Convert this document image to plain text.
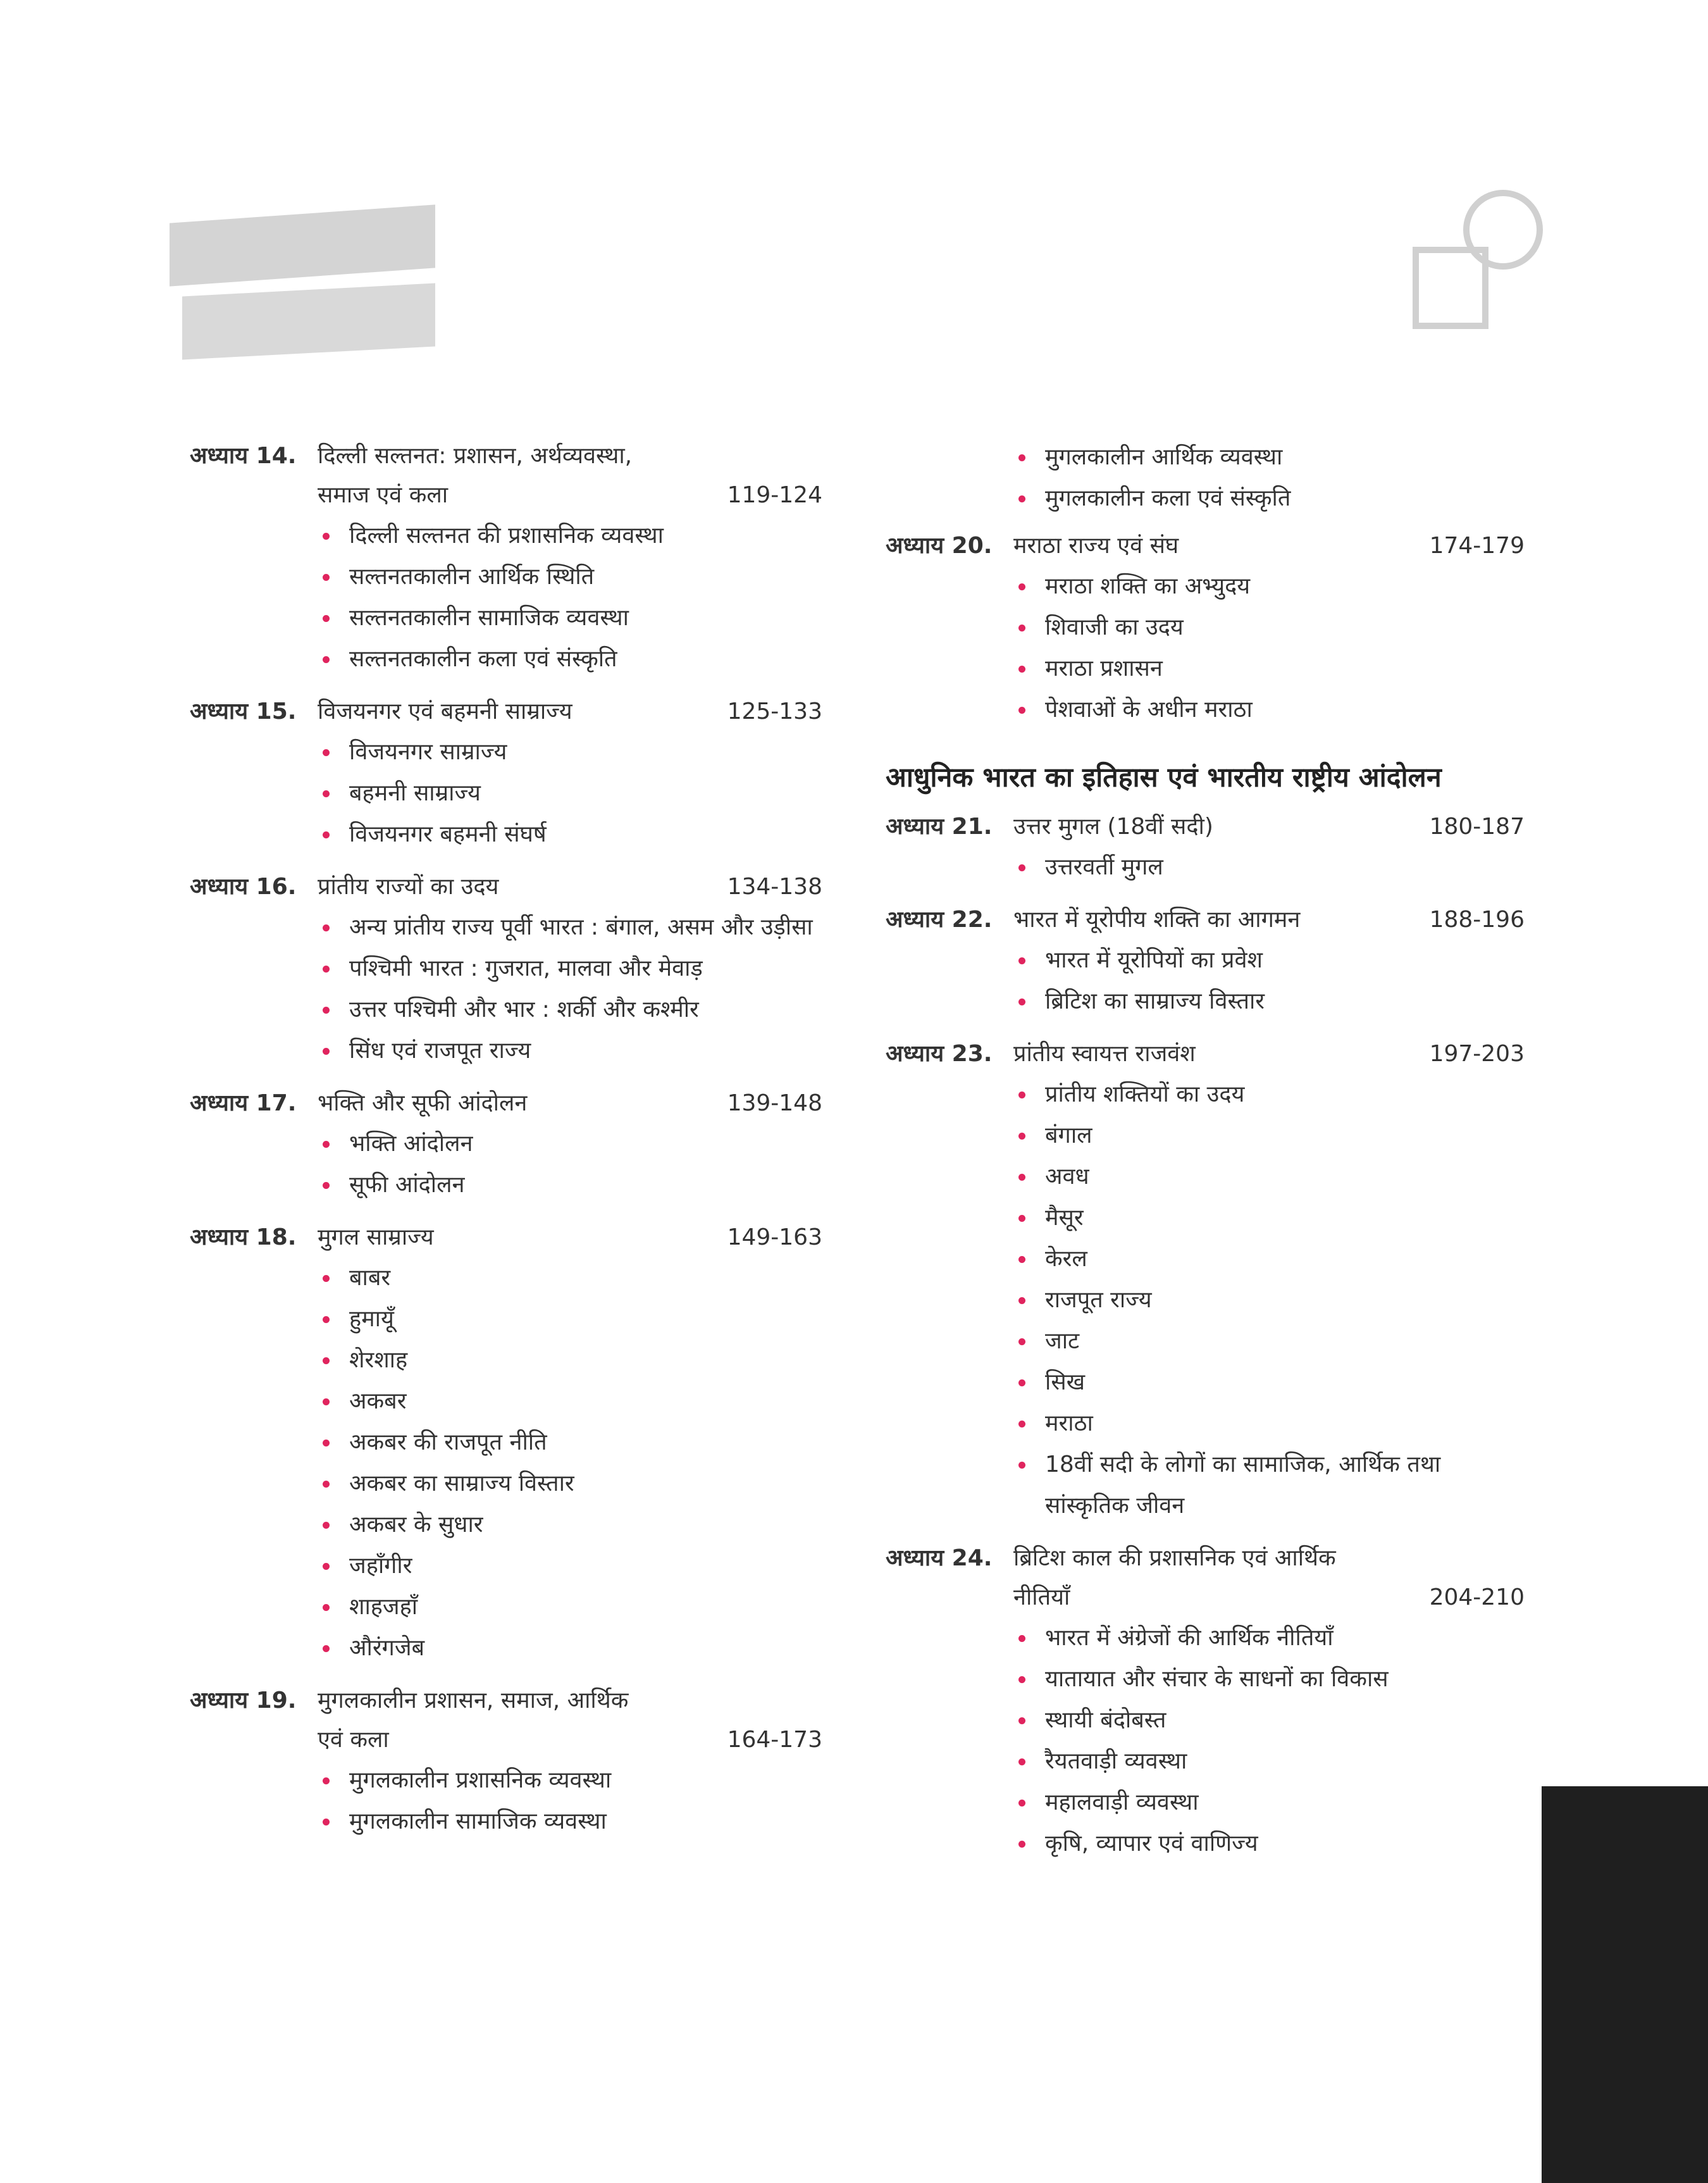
अध्याय 14. दिल्ली सल्तनत: प्रशासन, अर्थव्यवस्था,
समाज एवं कला	119-124
दिल्ली सल्तनत की प्रशासनिक व्यवस्था
सल्तनतकालीन आर्थिक स्थिति
सल्तनतकालीन सामाजिक व्यवस्था
सल्तनतकालीन कला एवं संस्कृति
अध्याय 15. विजयनगर एवं बहमनी साम्राज्य	125-133
विजयनगर साम्राज्य
बहमनी साम्राज्य
विजयनगर बहमनी संघर्ष
अध्याय 16. प्रांतीय राज्यों का उदय	134-138
अन्य प्रांतीय राज्य पूर्वी भारत : बंगाल, असम और उड़ीसा
पश्चिमी भारत : गुजरात, मालवा और मेवाड़
उत्तर पश्चिमी और भार : शर्की और कश्मीर
सिंध एवं राजपूत राज्य
अध्याय 17. भक्ति और सूफी आंदोलन	139-148
भक्ति आंदोलन
सूफी आंदोलन
अध्याय 18. मुगल साम्राज्य	149-163
बाबर
हुमायूँ
शेरशाह
अकबर
अकबर की राजपूत नीति
अकबर का साम्राज्य विस्तार
अकबर के सुधार
जहाँगीर
शाहजहाँ
औरंगजेब
अध्याय 19. मुगलकालीन प्रशासन, समाज, आर्थिक
एवं कला	164-173
मुगलकालीन प्रशासनिक व्यवस्था
मुगलकालीन सामाजिक व्यवस्था
मुगलकालीन आर्थिक व्यवस्था
मुगलकालीन कला एवं संस्कृति
अध्याय 20. मराठा राज्य एवं संघ	174-179
मराठा शक्ति का अभ्युदय
शिवाजी का उदय
मराठा प्रशासन
पेशवाओं के अधीन मराठा
आधुनिक भारत का इतिहास एवं भारतीय राष्ट्रीय आंदोलन
अध्याय 21. उत्तर मुगल (18वीं सदी)	180-187
उत्तरवर्ती मुगल
अध्याय 22. भारत में यूरोपीय शक्ति का आगमन	188-196
भारत में यूरोपियों का प्रवेश
ब्रिटिश का साम्राज्य विस्तार
अध्याय 23. प्रांतीय स्वायत्त राजवंश	197-203
प्रांतीय शक्तियों का उदय
बंगाल
अवध
मैसूर
केरल
राजपूत राज्य
जाट
सिख
मराठा
18वीं सदी के लोगों का सामाजिक, आर्थिक तथा सांस्कृतिक जीवन
अध्याय 24. ब्रिटिश काल की प्रशासनिक एवं आर्थिक
नीतियाँ	204-210
भारत में अंग्रेजों की आर्थिक नीतियाँ
यातायात और संचार के साधनों का विकास
स्थायी बंदोबस्त
रैयतवाड़ी व्यवस्था
महालवाड़ी व्यवस्था
कृषि, व्यापार एवं वाणिज्य
